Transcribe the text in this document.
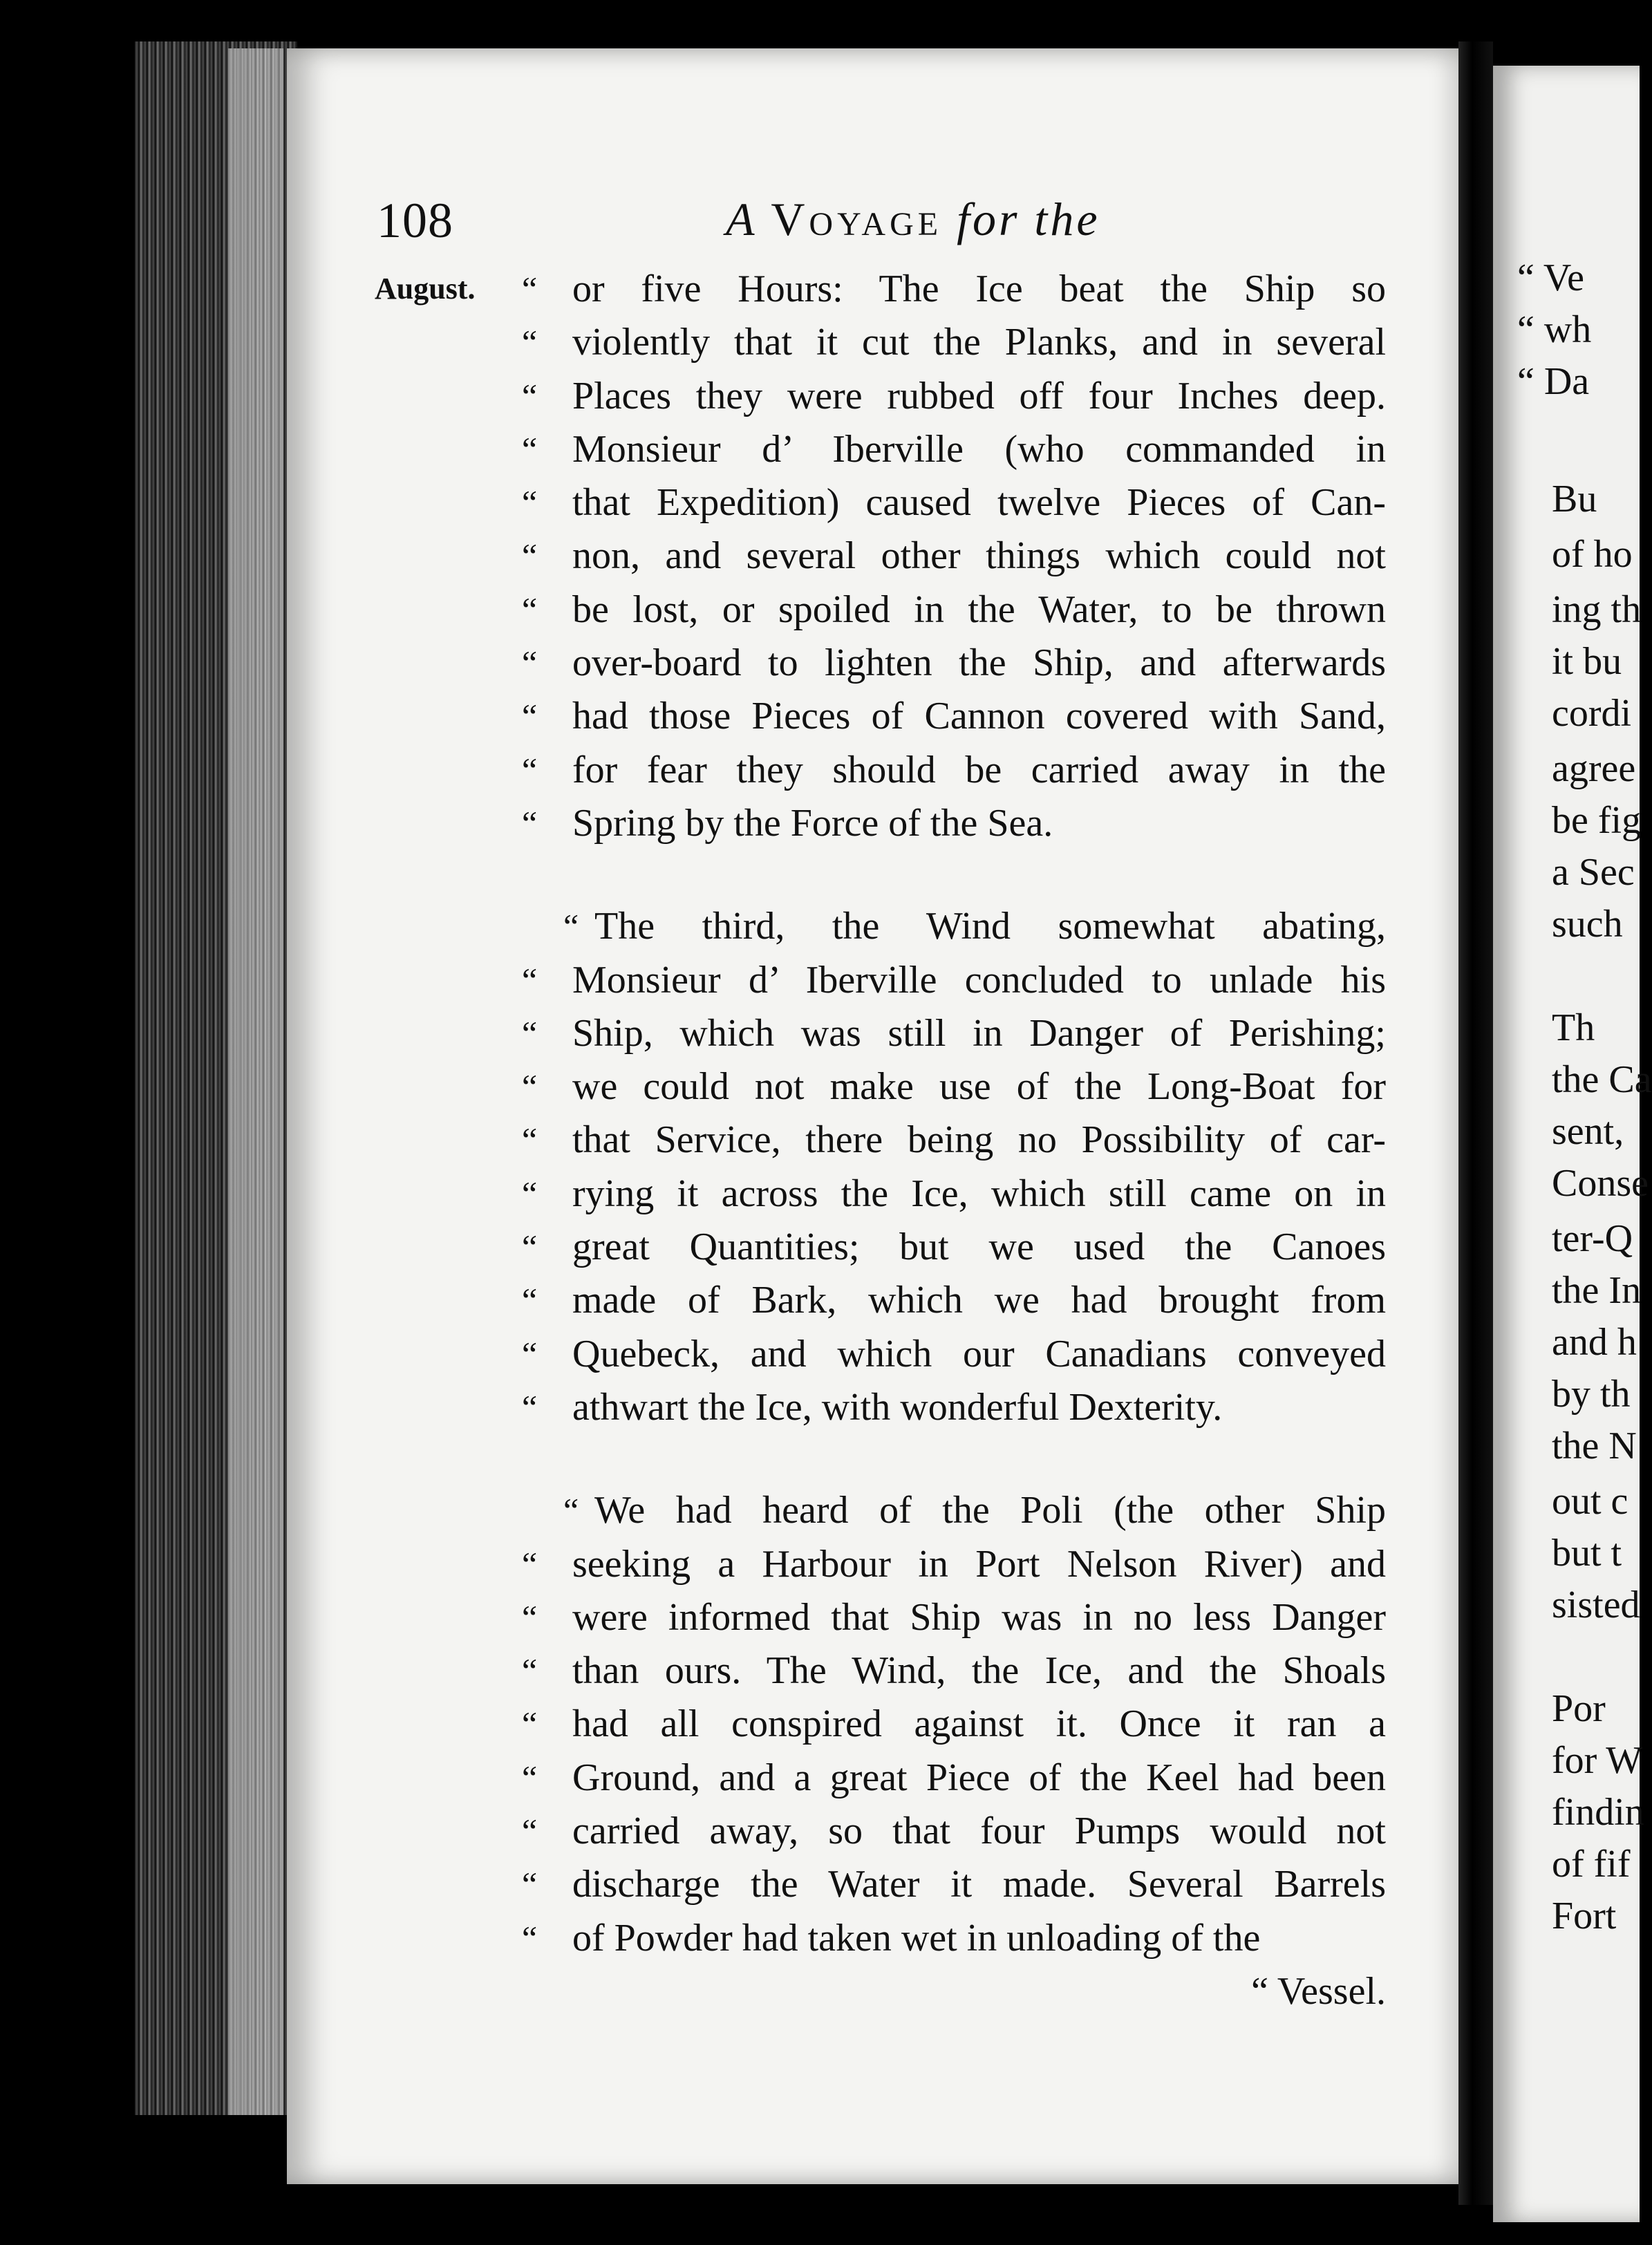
“ Ve
“ wh
“ Da
Bu
of ho
ing th
it bu
cordi
agree
be fig
a Sec
such
Th
the Ca
sent,
Conse
ter-Q
the In
and h
by th
the N
out c
but t
sisted
Por
for W
findin
of fif
Fort
108	A Voyage for the
August. “ or five Hours: The Ice beat the Ship so
“ violently that it cut the Planks, and in several
“ Places they were rubbed off four Inches deep.
“ Monsieur d’ Iberville (who commanded in
“ that Expedition) caused twelve Pieces of Can-
“ non, and several other things which could not
“ be lost, or spoiled in the Water, to be thrown
“ over-board to lighten the Ship, and afterwards
“ had those Pieces of Cannon covered with Sand,
“ for fear they should be carried away in the
“ Spring by the Force of the Sea.
“ The third, the Wind somewhat abating,
“ Monsieur d’ Iberville concluded to unlade his
“ Ship, which was still in Danger of Perishing;
“ we could not make use of the Long-Boat for
“ that Service, there being no Possibility of car-
“ rying it across the Ice, which still came on in
“ great Quantities; but we used the Canoes
“ made of Bark, which we had brought from
“ Quebeck, and which our Canadians conveyed
“ athwart the Ice, with wonderful Dexterity.
“ We had heard of the Poli (the other Ship
“ seeking a Harbour in Port Nelson River) and
“ were informed that Ship was in no less Danger
“ than ours. The Wind, the Ice, and the Shoals
“ had all conspired against it. Once it ran a
“ Ground, and a great Piece of the Keel had been
“ carried away, so that four Pumps would not
“ discharge the Water it made. Several Barrels
“ of Powder had taken wet in unloading of the
“ Vessel.
